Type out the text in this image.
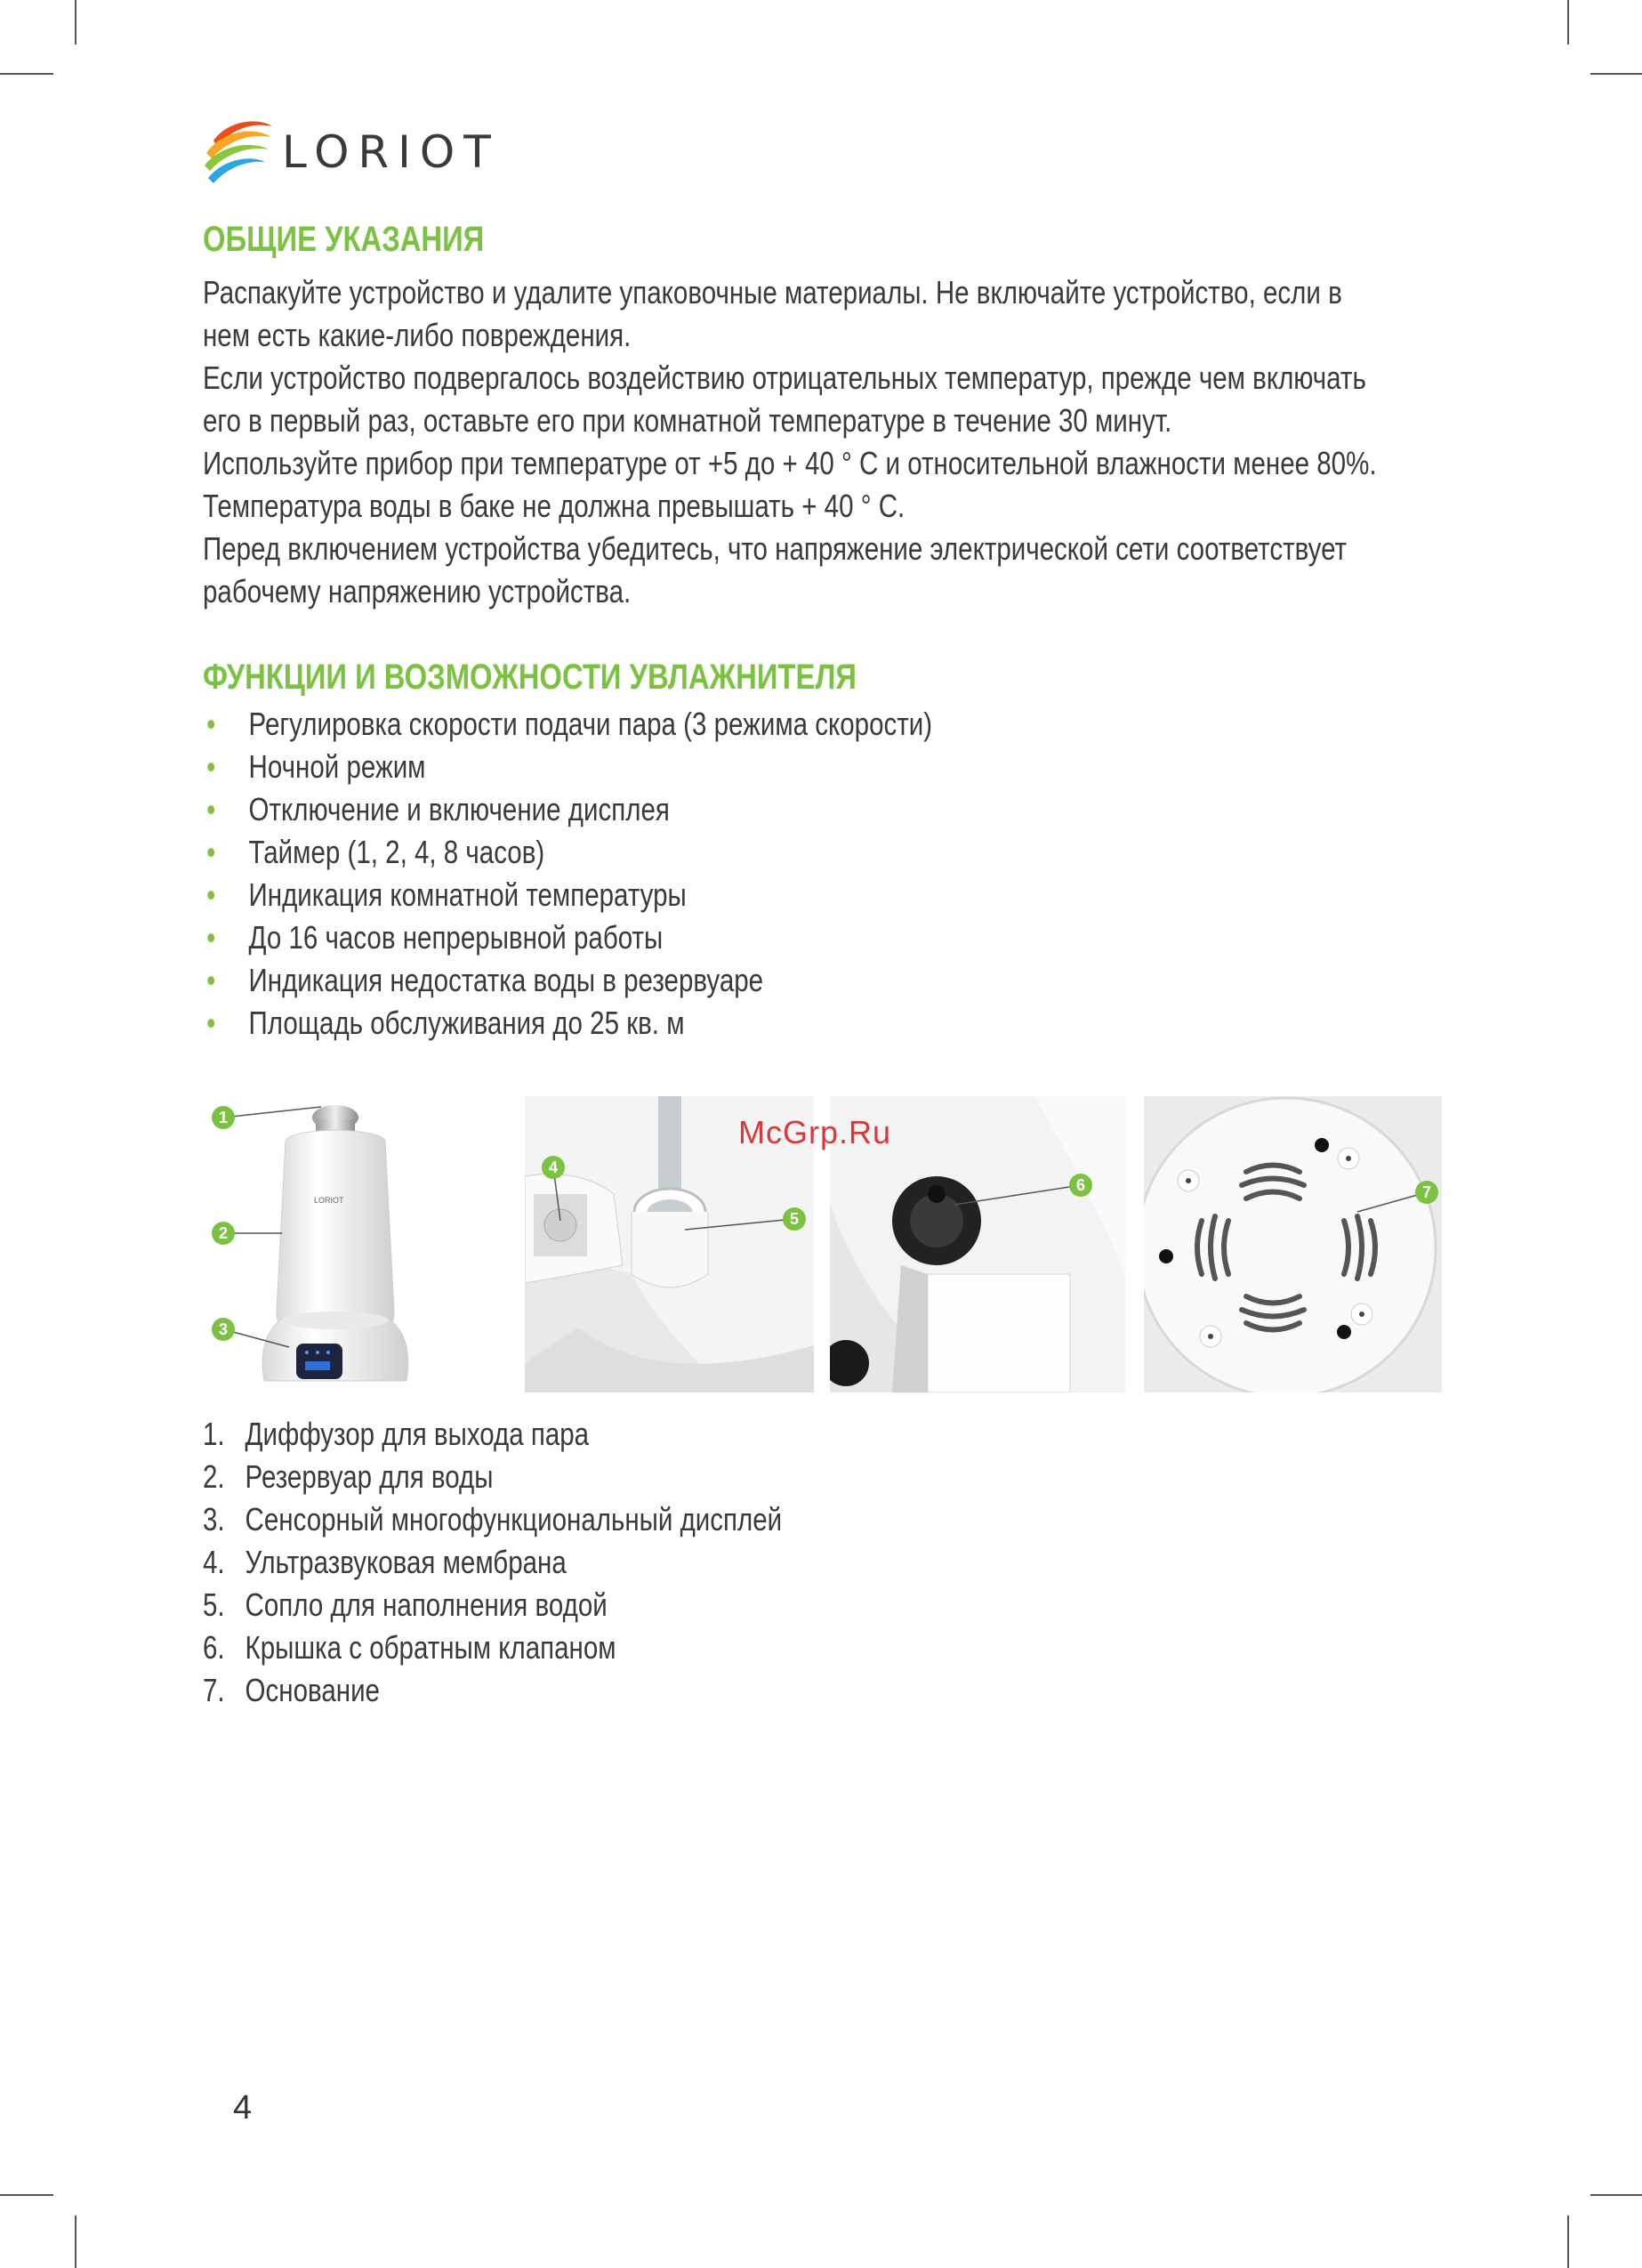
LORIOT
ОБЩИЕ УКАЗАНИЯ

Распакуйте устройство и удалите упаковочные материалы. Не включайте устройство, если в

нем есть какие-либо повреждения.

Если устройство подвергалось воздействию отрицательных температур, прежде чем включать

его в первый раз, оставьте его при комнатной температуре в течение 30 минут.

Используйте прибор при температуре от +5 до + 40 ° С и относительной влажности менее 80%.

Температура воды в баке не должна превышать + 40 ° С.

Перед включением устройства убедитесь, что напряжение электрической сети соответствует

рабочему напряжению устройства.

ФУНКЦИИ И ВОЗМОЖНОСТИ УВЛАЖНИТЕЛЯ
• Регулировка скорости подачи пара (3 режима скорости)
• Ночной режим
• Отключение и включение дисплея
• Таймер (1, 2, 4, 8 часов)
• Индикация комнатной температуры
• До 16 часов непрерывной работы
• Индикация недостатка воды в резервуаре
• Площадь обслуживания до 25 кв. м
LORIOT
1
2
3
4
5
6	7
McGrp.Ru
1. Диффузор для выхода пара
2. Резервуар для воды
3. Сенсорный многофункциональный дисплей
4. Ультразвуковая мембрана
5. Сопло для наполнения водой
6. Крышка с обратным клапаном
7. Основание
4
